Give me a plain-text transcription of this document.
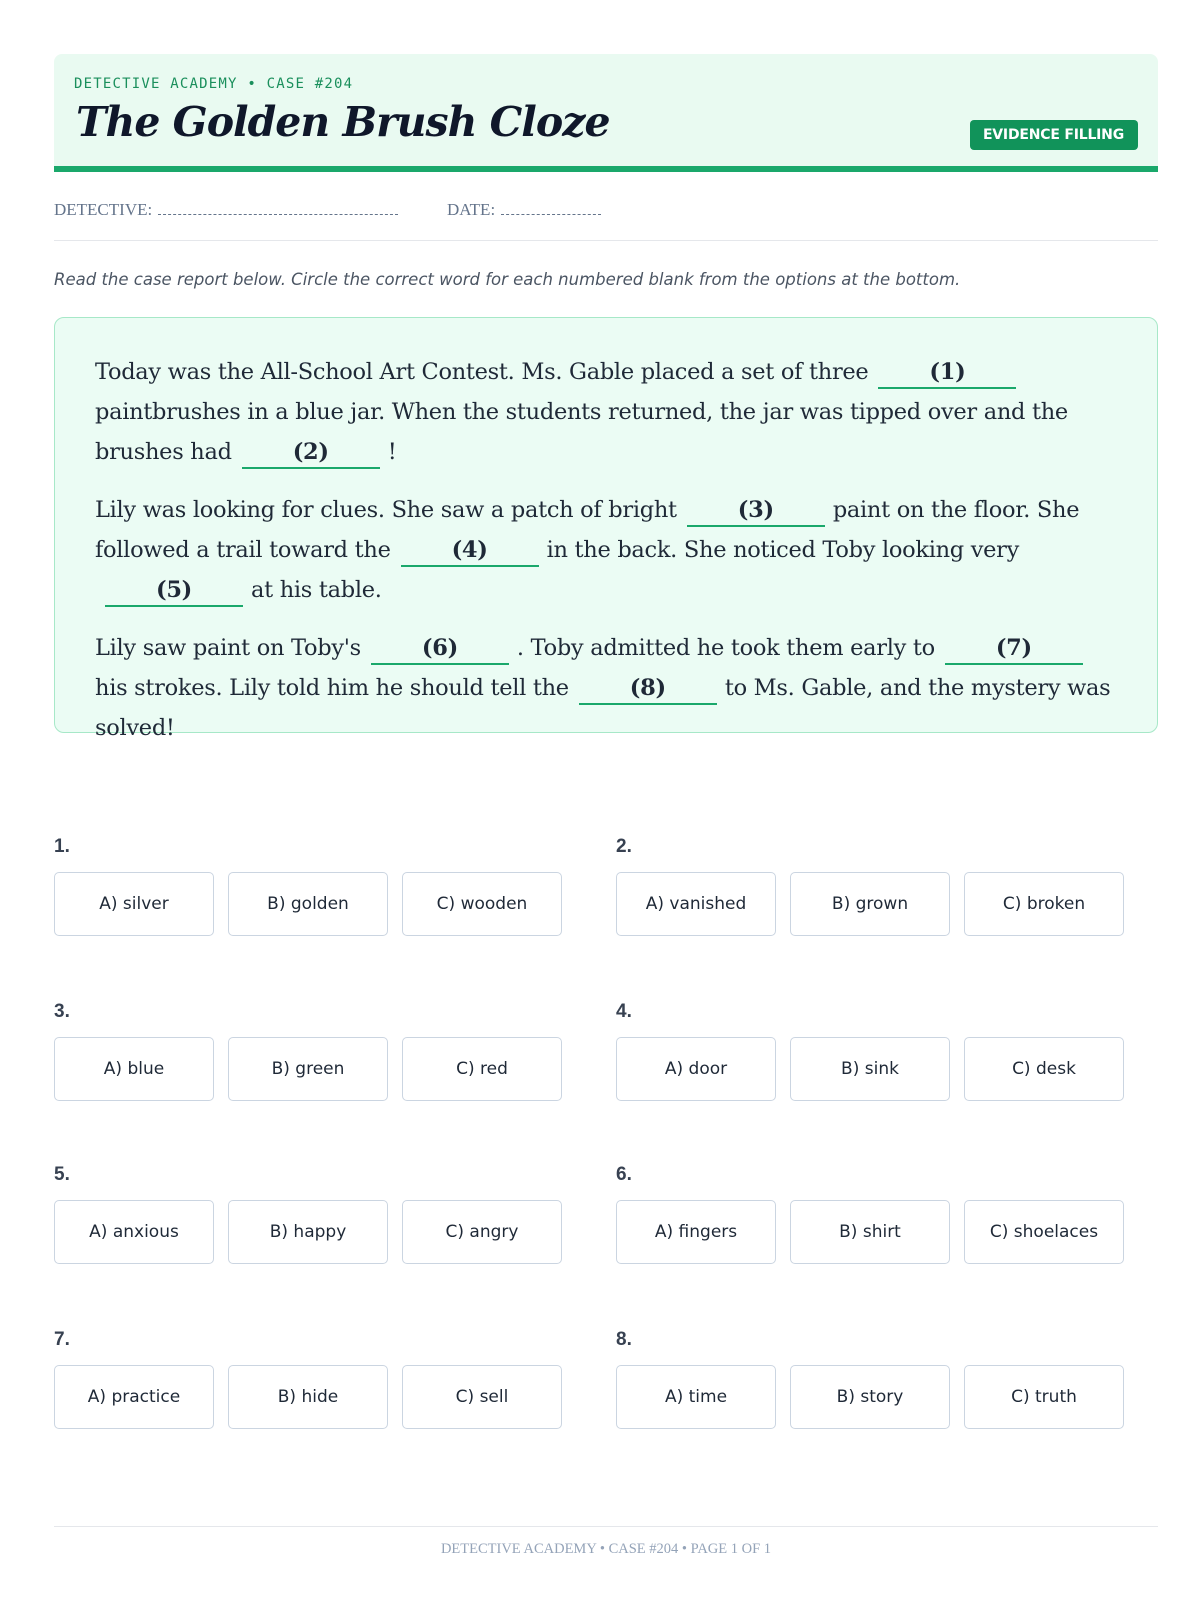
DETECTIVE ACADEMY • CASE #204
The Golden Brush Cloze	EVIDENCE FILLING
DETECTIVE:	DATE:
Read the case report below. Circle the correct word for each numbered blank from the options at the bottom.

Today was the All-School Art Contest. Ms. Gable placed a set of three	(1)paintbrushes in a blue jar. When the students returned, the jar was tipped over and the brushes had	(2)	!

Lily was looking for clues. She saw a patch of bright	(3)	paint on the floor. She followed a trail toward the	(4)	in the back. She noticed Toby looking very(5)	at his table.

Lily saw paint on Toby's	(6)	. Toby admitted he took them early to	(7)his strokes. Lily told him he should tell the	(8)	to Ms. Gable, and the mystery was solved!

1.
A) silver	B) golden	C) wooden
2.
A) vanished	B) grown	C) broken
3.
A) blue	B) green	C) red
4.
A) door	B) sink	C) desk
5.
A) anxious	B) happy	C) angry
6.
A) fingers	B) shirt	C) shoelaces
7.
A) practice	B) hide	C) sell
8.
A) time	B) story	C) truth
DETECTIVE ACADEMY • CASE #204 • PAGE 1 OF 1
